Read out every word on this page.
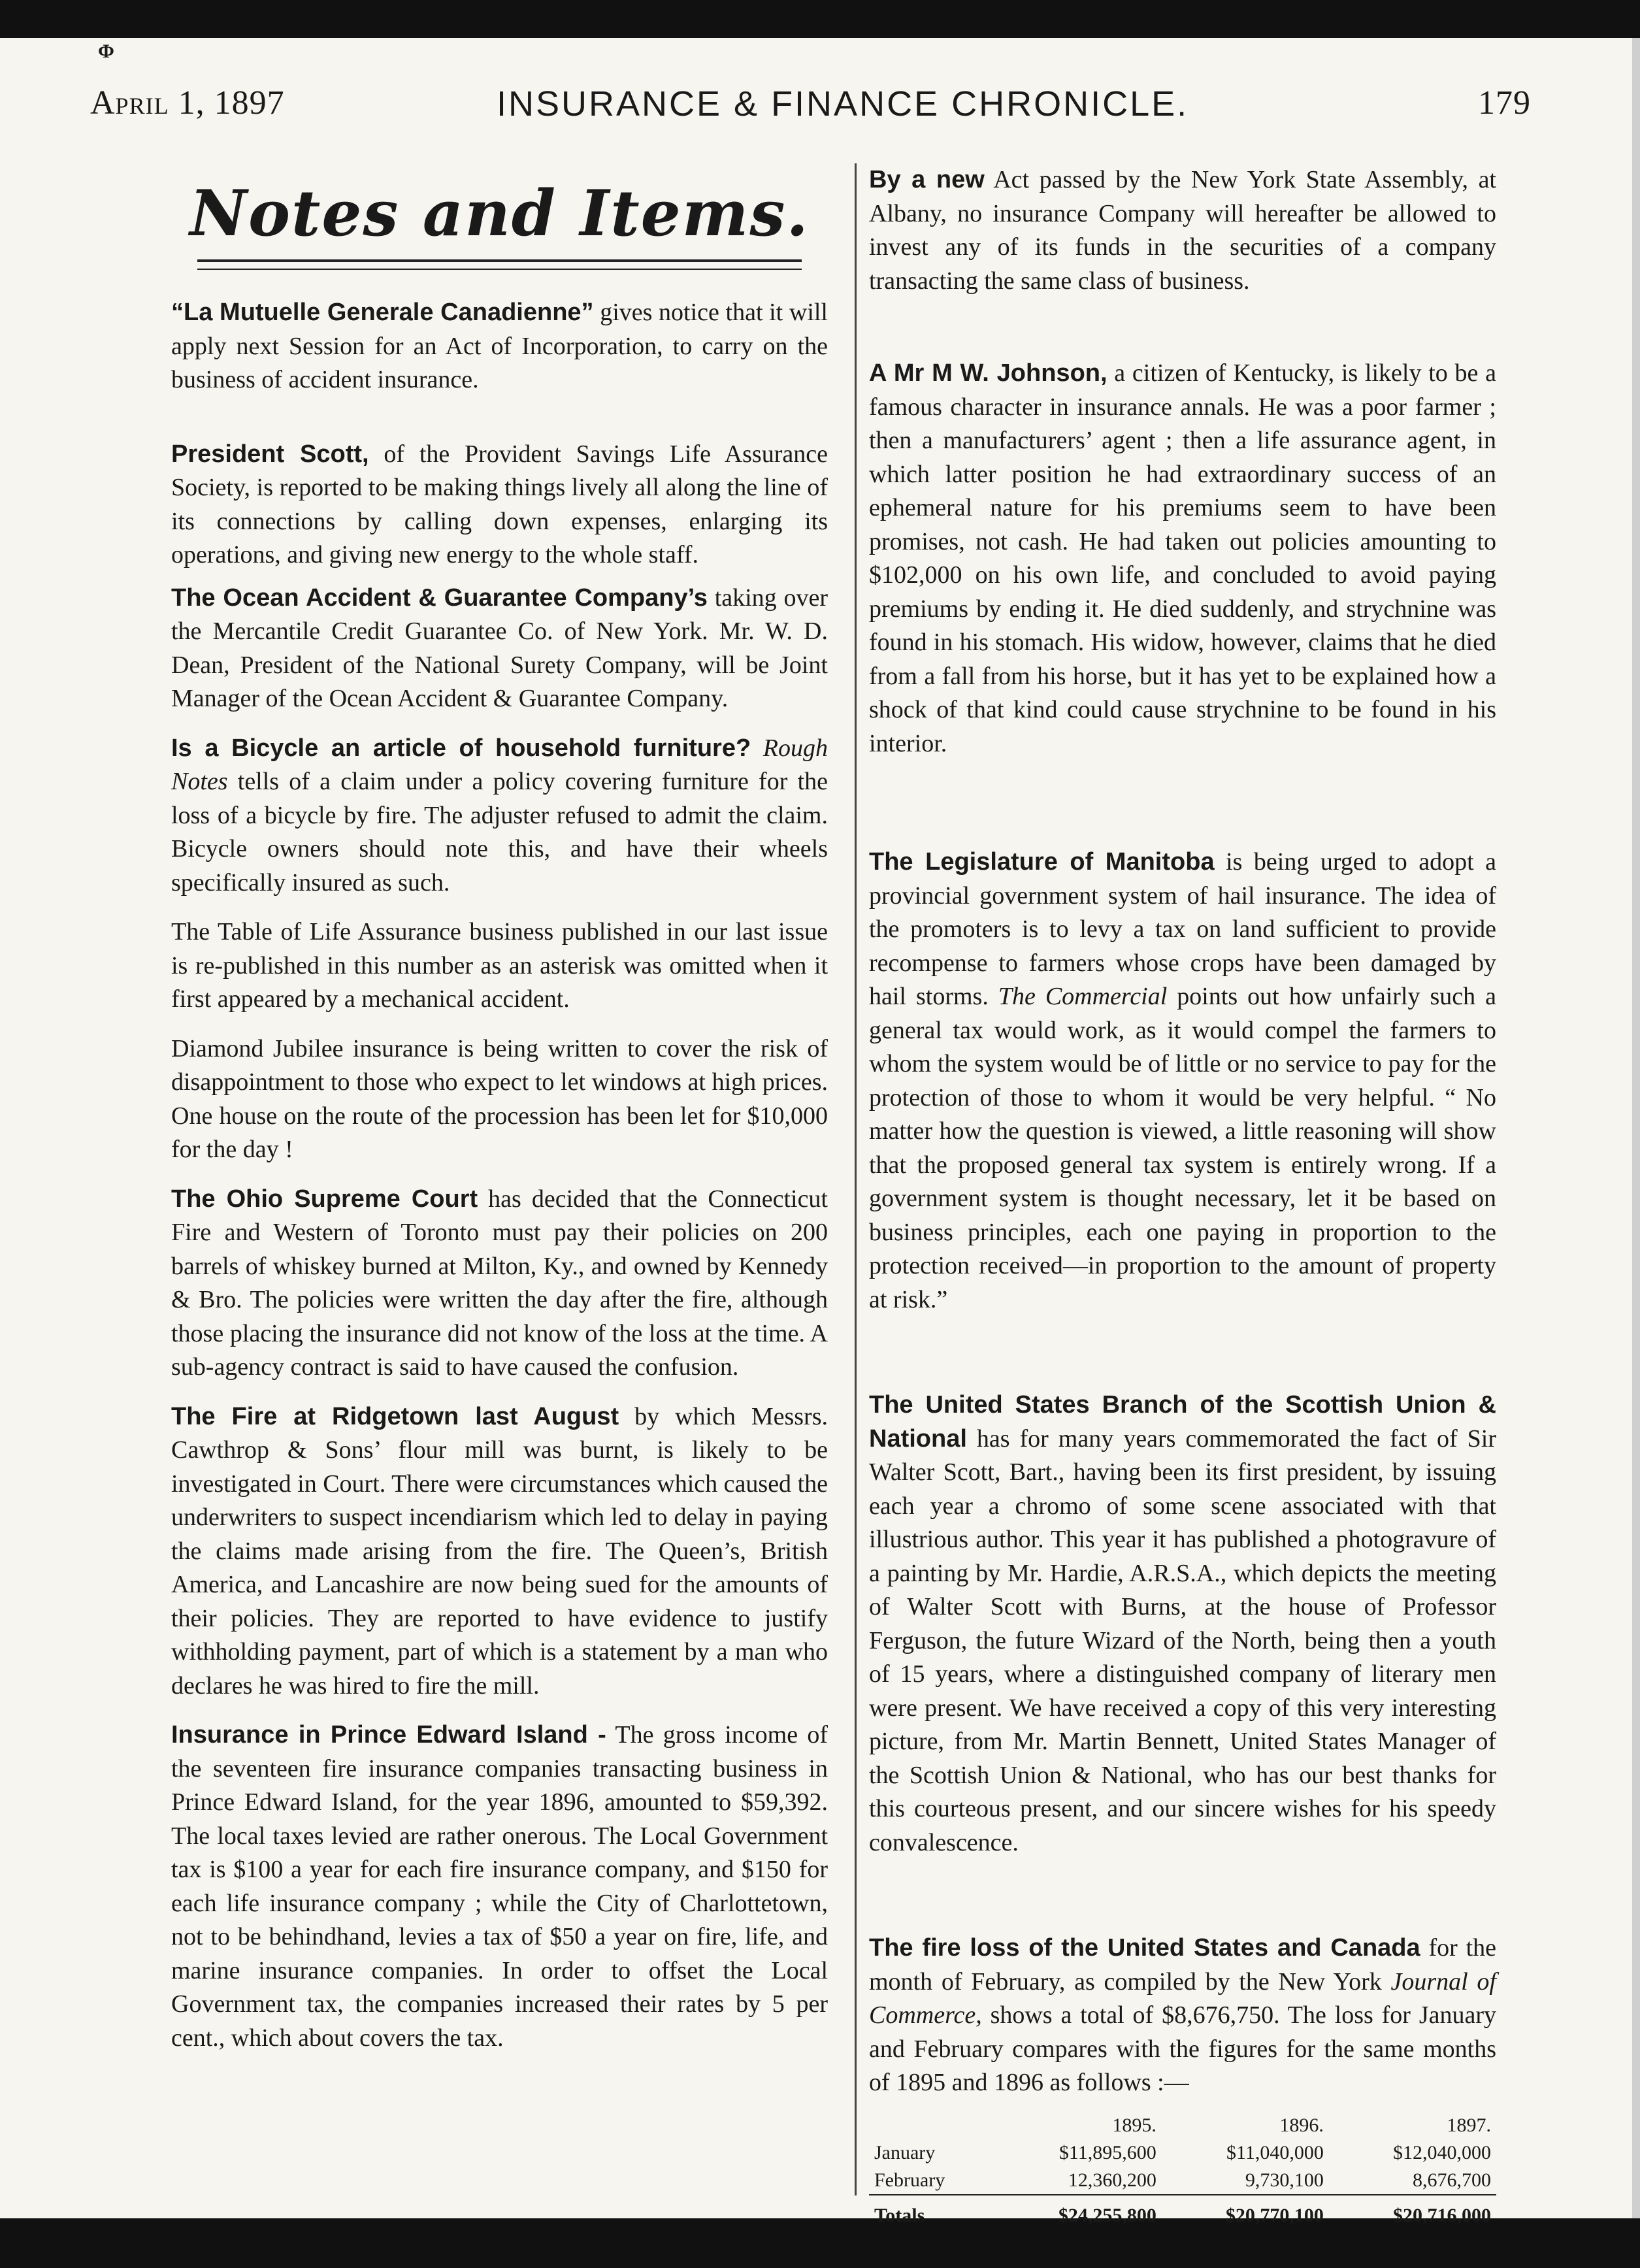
Φ
April 1, 1897	INSURANCE & FINANCE CHRONICLE.	179
Notes and Items.

“La Mutuelle Generale Canadienne” gives notice that it will apply next Session for an Act of Incorporation, to carry on the business of accident insurance.

President Scott, of the Provident Savings Life Assurance Society, is reported to be making things lively all along the line of its connections by calling down expenses, enlarging its operations, and giving new energy to the whole staff.

The Ocean Accident & Guarantee Company’s taking over the Mercantile Credit Guarantee Co. of New York. Mr. W. D. Dean, President of the National Surety Company, will be Joint Manager of the Ocean Accident & Guarantee Company.

Is a Bicycle an article of household furniture? Rough Notes tells of a claim under a policy covering furniture for the loss of a bicycle by fire. The adjuster refused to admit the claim. Bicycle owners should note this, and have their wheels specifically insured as such.

The Table of Life Assurance business published in our last issue is re-published in this number as an asterisk was omitted when it first appeared by a mechanical accident.

Diamond Jubilee insurance is being written to cover the risk of disappointment to those who expect to let windows at high prices. One house on the route of the procession has been let for $10,000 for the day !

The Ohio Supreme Court has decided that the Connecticut Fire and Western of Toronto must pay their policies on 200 barrels of whiskey burned at Milton, Ky., and owned by Kennedy & Bro. The policies were written the day after the fire, although those placing the insurance did not know of the loss at the time. A sub-agency contract is said to have caused the confusion.

The Fire at Ridgetown last August by which Messrs. Cawthrop & Sons’ flour mill was burnt, is likely to be investigated in Court. There were circumstances which caused the underwriters to suspect incendiarism which led to delay in paying the claims made arising from the fire. The Queen’s, British America, and Lancashire are now being sued for the amounts of their policies. They are reported to have evidence to justify withholding payment, part of which is a statement by a man who declares he was hired to fire the mill.

Insurance in Prince Edward Island - The gross income of the seventeen fire insurance companies transacting business in Prince Edward Island, for the year 1896, amounted to $59,392. The local taxes levied are rather onerous. The Local Government tax is $100 a year for each fire insurance company, and $150 for each life insurance company ; while the City of Charlottetown, not to be behindhand, levies a tax of $50 a year on fire, life, and marine insurance companies. In order to offset the Local Government tax, the companies increased their rates by 5 per cent., which about covers the tax.

By a new Act passed by the New York State Assembly, at Albany, no insurance Company will hereafter be allowed to invest any of its funds in the securities of a company transacting the same class of business.

A Mr M W. Johnson, a citizen of Kentucky, is likely to be a famous character in insurance annals. He was a poor farmer ; then a manufacturers’ agent ; then a life assurance agent, in which latter position he had extraordinary success of an ephemeral nature for his premiums seem to have been promises, not cash. He had taken out policies amounting to $102,000 on his own life, and concluded to avoid paying premiums by ending it. He died suddenly, and strychnine was found in his stomach. His widow, however, claims that he died from a fall from his horse, but it has yet to be explained how a shock of that kind could cause strychnine to be found in his interior.

The Legislature of Manitoba is being urged to adopt a provincial government system of hail insurance. The idea of the promoters is to levy a tax on land sufficient to provide recompense to farmers whose crops have been damaged by hail storms. The Commercial points out how unfairly such a general tax would work, as it would compel the farmers to whom the system would be of little or no service to pay for the protection of those to whom it would be very helpful. “ No matter how the question is viewed, a little reasoning will show that the proposed general tax system is entirely wrong. If a government system is thought necessary, let it be based on business principles, each one paying in proportion to the protection received—in proportion to the amount of property at risk.”

The United States Branch of the Scottish Union & National has for many years commemorated the fact of Sir Walter Scott, Bart., having been its first president, by issuing each year a chromo of some scene associated with that illustrious author. This year it has published a photogravure of a painting by Mr. Hardie, A.R.S.A., which depicts the meeting of Walter Scott with Burns, at the house of Professor Ferguson, the future Wizard of the North, being then a youth of 15 years, where a distinguished company of literary men were present. We have received a copy of this very interesting picture, from Mr. Martin Bennett, United States Manager of the Scottish Union & National, who has our best thanks for this courteous present, and our sincere wishes for his speedy convalescence.

The fire loss of the United States and Canada for the month of February, as compiled by the New York Journal of Commerce, shows a total of $8,676,750. The loss for January and February compares with the figures for the same months of 1895 and 1896 as follows :—

	1895.	1896.	1897.
January	$11,895,600	$11,040,000	$12,040,000
February	12,360,200	9,730,100	8,676,700
Totals	$24,255,800	$20,770,100	$20,716,000
